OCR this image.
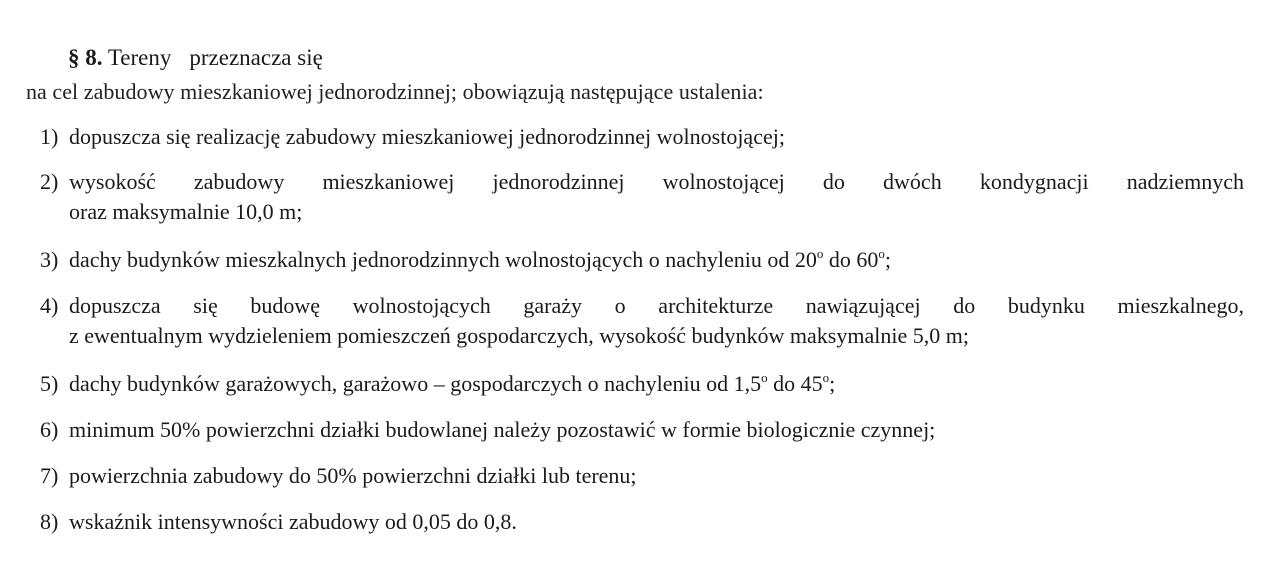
§ 8. Tereny przeznacza się
na cel zabudowy mieszkaniowej jednorodzinnej; obowiązują następujące ustalenia:
1) dopuszcza się realizację zabudowy mieszkaniowej jednorodzinnej wolnostojącej;
2) wysokość zabudowy mieszkaniowej jednorodzinnej wolnostojącej do dwóch kondygnacji nadziemnych
oraz maksymalnie 10,0 m;
3) dachy budynków mieszkalnych jednorodzinnych wolnostojących o nachyleniu od 20$^o$ do 60$^o$;
4) dopuszcza się budowę wolnostojących garaży o architekturze nawiązującej do budynku mieszkalnego,
z ewentualnym wydzieleniem pomieszczeń gospodarczych, wysokość budynków maksymalnie 5,0 m;
5) dachy budynków garażowych, garażowo – gospodarczych o nachyleniu od 1,5$^o$ do 45$^o$;
6) minimum 50% powierzchni działki budowlanej należy pozostawić w formie biologicznie czynnej;
7) powierzchnia zabudowy do 50% powierzchni działki lub terenu;
8) wskaźnik intensywności zabudowy od 0,05 do 0,8.
